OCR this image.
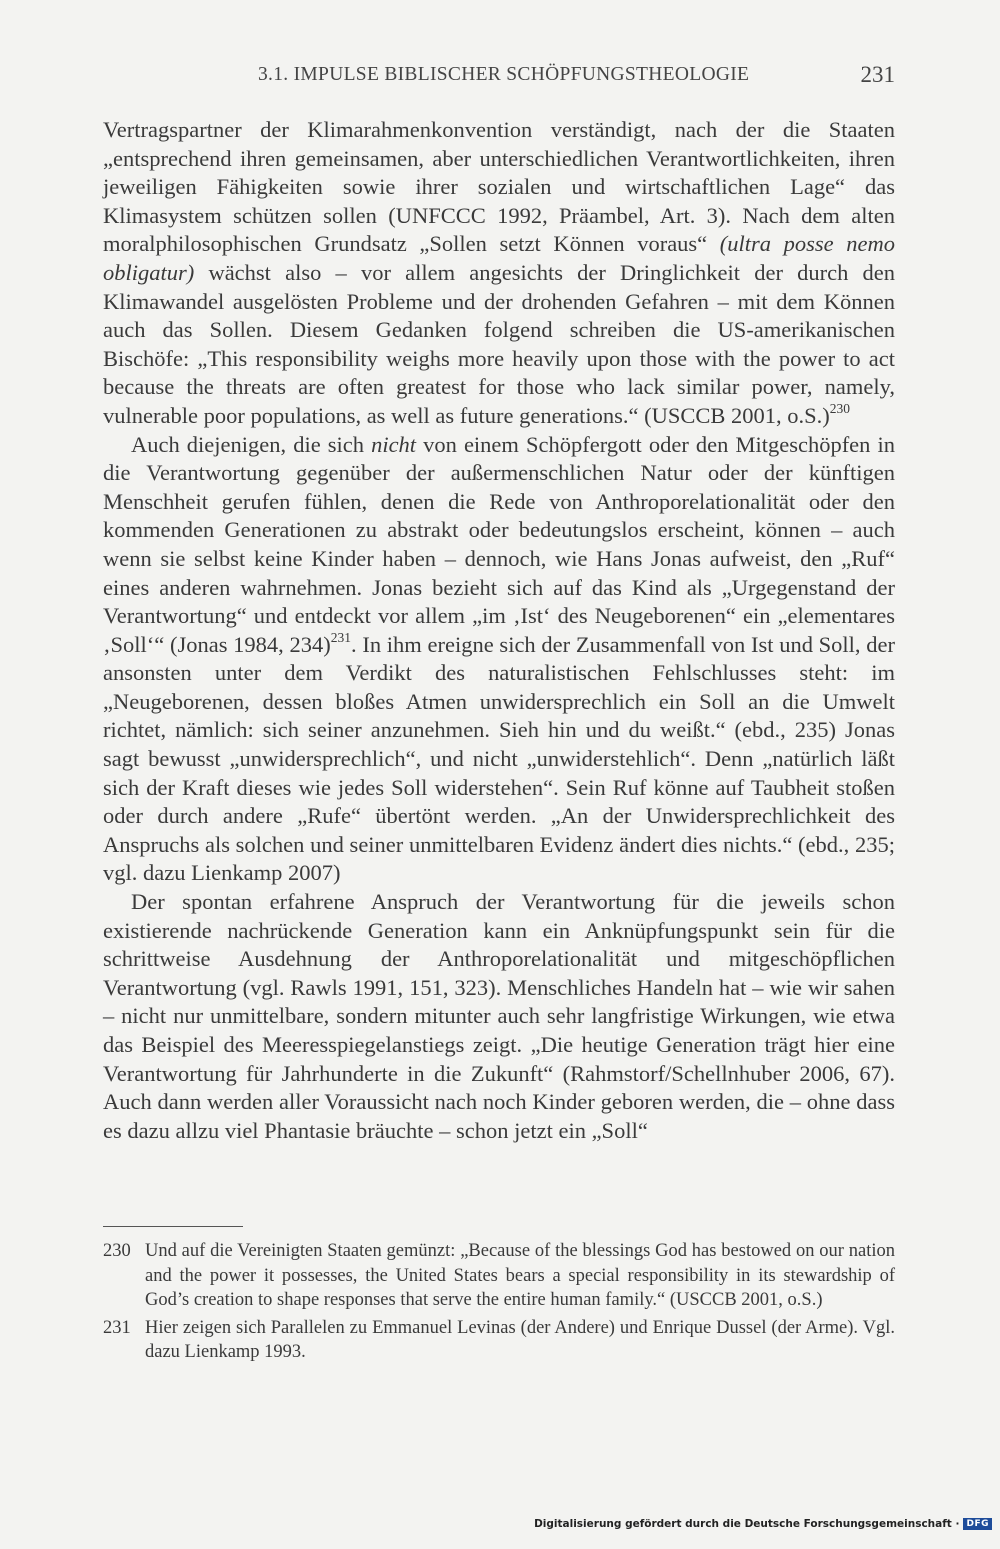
3.1. IMPULSE BIBLISCHER SCHÖPFUNGSTHEOLOGIE	231

Vertragspartner der Klimarahmenkonvention verständigt, nach der die Staaten „entsprechend ihren gemeinsamen, aber unterschiedlichen Verantwortlichkeiten, ihren jeweiligen Fähigkeiten sowie ihrer sozialen und wirtschaftlichen Lage“ das Klimasystem schützen sollen (UNFCCC 1992, Präambel, Art. 3). Nach dem alten moralphilosophischen Grundsatz „Sollen setzt Können voraus“ (ultra posse nemo obligatur) wächst also – vor allem angesichts der Dringlichkeit der durch den Klimawandel ausgelösten Probleme und der drohenden Gefahren – mit dem Können auch das Sollen. Diesem Gedanken folgend schreiben die US-amerikanischen Bischöfe: „This responsibility weighs more heavily upon those with the power to act because the threats are often greatest for those who lack similar power, namely, vulnerable poor populations, as well as future generations.“ (USCCB 2001, o.S.)$^{230}$

Auch diejenigen, die sich nicht von einem Schöpfergott oder den Mitgeschöpfen in die Verantwortung gegenüber der außermenschlichen Natur oder der künftigen Menschheit gerufen fühlen, denen die Rede von Anthroporelationalität oder den kommenden Generationen zu abstrakt oder bedeutungslos erscheint, können – auch wenn sie selbst keine Kinder haben – dennoch, wie Hans Jonas aufweist, den „Ruf“ eines anderen wahrnehmen. Jonas bezieht sich auf das Kind als „Urgegenstand der Verantwortung“ und entdeckt vor allem „im ‚Ist‘ des Neugeborenen“ ein „elementares ‚Soll‘“ (Jonas 1984, 234)$^{231}$. In ihm ereigne sich der Zusammenfall von Ist und Soll, der ansonsten unter dem Verdikt des naturalistischen Fehlschlusses steht: im „Neugeborenen, dessen bloßes Atmen unwidersprechlich ein Soll an die Umwelt richtet, nämlich: sich seiner anzunehmen. Sieh hin und du weißt.“ (ebd., 235) Jonas sagt bewusst „unwidersprechlich“, und nicht „unwiderstehlich“. Denn „natürlich läßt sich der Kraft dieses wie jedes Soll widerstehen“. Sein Ruf könne auf Taubheit stoßen oder durch andere „Rufe“ übertönt werden. „An der Unwidersprechlichkeit des Anspruchs als solchen und seiner unmittelbaren Evidenz ändert dies nichts.“ (ebd., 235; vgl. dazu Lienkamp 2007)

Der spontan erfahrene Anspruch der Verantwortung für die jeweils schon existierende nachrückende Generation kann ein Anknüpfungspunkt sein für die schrittweise Ausdehnung der Anthroporelationalität und mitgeschöpflichen Verantwortung (vgl. Rawls 1991, 151, 323). Menschliches Handeln hat – wie wir sahen – nicht nur unmittelbare, sondern mitunter auch sehr langfristige Wirkungen, wie etwa das Beispiel des Meeresspiegelanstiegs zeigt. „Die heutige Generation trägt hier eine Verantwortung für Jahrhunderte in die Zukunft“ (Rahmstorf/Schellnhuber 2006, 67). Auch dann werden aller Voraussicht nach noch Kinder geboren werden, die – ohne dass es dazu allzu viel Phantasie bräuchte – schon jetzt ein „Soll“

230 Und auf die Vereinigten Staaten gemünzt: „Because of the blessings God has bestowed on our nation and the power it possesses, the United States bears a special responsibility in its stewardship of God’s creation to shape responses that serve the entire human family.“ (USCCB 2001, o.S.)
231 Hier zeigen sich Parallelen zu Emmanuel Levinas (der Andere) und Enrique Dussel (der Arme). Vgl. dazu Lienkamp 1993.
Digitalisierung gefördert durch die Deutsche Forschungsgemeinschaft · DFG
